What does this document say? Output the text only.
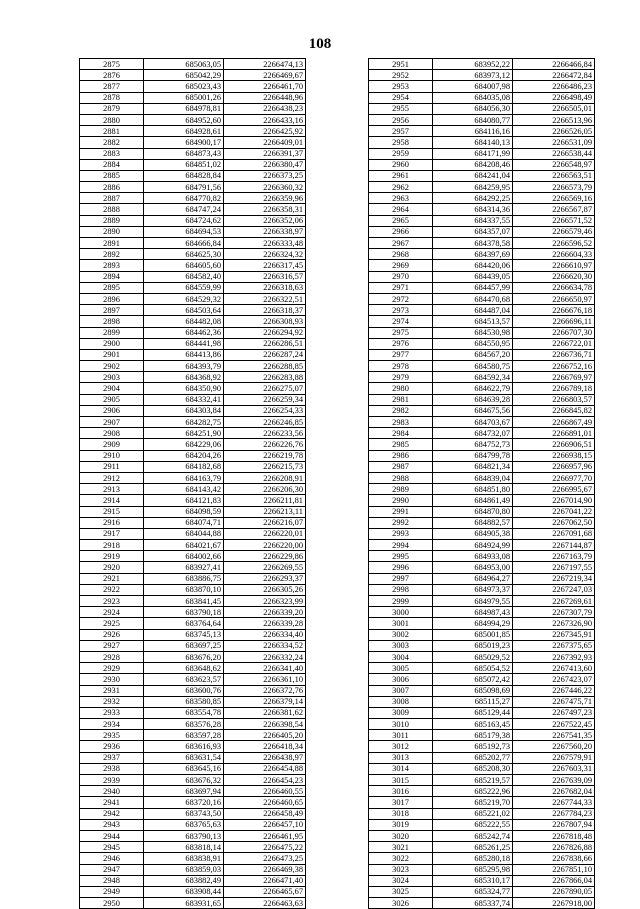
108
2875	685063,05	2266474,13
2876	685042,29	2266469,67
2877	685023,43	2266461,70
2878	685001,26	2266448,96
2879	684978,81	2266438,23
2880	684952,60	2266433,16
2881	684928,61	2266425,92
2882	684900,17	2266409,01
2883	684873,43	2266391,37
2884	684851,02	2266380,47
2885	684828,84	2266373,25
2886	684791,56	2266360,32
2887	684770,82	2266359,96
2888	684747,24	2266358,31
2889	684724,62	2266352,06
2890	684694,53	2266338,97
2891	684666,84	2266333,48
2892	684625,30	2266324,32
2893	684605,60	2266317,45
2894	684582,40	2266316,57
2895	684559,99	2266318,63
2896	684529,32	2266322,51
2897	684503,64	2266318,37
2898	684482,08	2266308,93
2899	684462,36	2266294,92
2900	684441,98	2266286,51
2901	684413,86	2266287,24
2902	684393,79	2266288,85
2903	684368,92	2266283,88
2904	684350,90	2266275,07
2905	684332,41	2266259,34
2906	684303,84	2266254,33
2907	684282,75	2266246,85
2908	684251,90	2266233,56
2909	684229,06	2266226,76
2910	684204,26	2266219,78
2911	684182,68	2266215,73
2912	684163,79	2266208,91
2913	684143,42	2266206,30
2914	684121,83	2266211,81
2915	684098,59	2266213,11
2916	684074,71	2266216,07
2917	684044,88	2266220,01
2918	684021,67	2266220,00
2919	684002,66	2266229,86
2920	683927,41	2266269,55
2921	683886,75	2266293,37
2922	683870,10	2266305,26
2923	683841,45	2266323,99
2924	683790,18	2266339,20
2925	683764,64	2266339,28
2926	683745,13	2266334,40
2927	683697,25	2266334,52
2928	683676,20	2266332,24
2929	683648,62	2266341,40
2930	683623,57	2266361,10
2931	683600,76	2266372,76
2932	683580,85	2266379,14
2933	683554,78	2266381,62
2934	683576,28	2266398,54
2935	683597,28	2266405,20
2936	683616,93	2266418,34
2937	683631,54	2266438,97
2938	683645,16	2266454,88
2939	683676,32	2266454,23
2940	683697,94	2266460,55
2941	683720,16	2266460,65
2942	683743,50	2266458,49
2943	683765,63	2266457,10
2944	683790,13	2266461,95
2945	683818,14	2266475,22
2946	683838,91	2266473,25
2947	683859,03	2266469,38
2948	683882,49	2266471,40
2949	683908,44	2266465,67
2950	683931,65	2266463,63
2951	683952,22	2266466,84
2952	683973,12	2266472,84
2953	684007,98	2266486,23
2954	684035,08	2266498,49
2955	684056,30	2266505,01
2956	684080,77	2266513,96
2957	684116,16	2266526,05
2958	684140,13	2266531,09
2959	684171,99	2266538,44
2960	684208,46	2266548,97
2961	684241,04	2266563,51
2962	684259,95	2266573,79
2963	684292,25	2266569,16
2964	684314,36	2266567,87
2965	684337,55	2266571,52
2966	684357,07	2266579,46
2967	684378,58	2266596,52
2968	684397,69	2266604,33
2969	684420,06	2266610,97
2970	684439,05	2266620,30
2971	684457,99	2266634,78
2972	684470,68	2266650,97
2973	684487,04	2266676,18
2974	684513,57	2266696,11
2975	684530,98	2266707,30
2976	684550,95	2266722,01
2977	684567,20	2266736,71
2978	684580,75	2266752,16
2979	684592,34	2266769,97
2980	684622,79	2266789,18
2981	684639,28	2266803,57
2982	684675,56	2266845,82
2983	684703,67	2266867,49
2984	684732,07	2266891,01
2985	684752,73	2266906,51
2986	684799,78	2266938,15
2987	684821,34	2266957,96
2988	684839,04	2266977,70
2989	684851,80	2266995,67
2990	684861,49	2267014,90
2991	684870,80	2267041,22
2992	684882,57	2267062,50
2993	684905,38	2267091,68
2994	684924,99	2267144,87
2995	684933,08	2267163,79
2996	684953,00	2267197,55
2997	684964,27	2267219,34
2998	684973,37	2267247,03
2999	684979,55	2267269,61
3000	684987,43	2267307,79
3001	684994,29	2267326,90
3002	685001,85	2267345,91
3003	685019,23	2267375,65
3004	685029,52	2267392,93
3005	685054,52	2267413,60
3006	685072,42	2267423,07
3007	685098,69	2267446,22
3008	685115,27	2267475,71
3009	685129,44	2267497,23
3010	685163,45	2267522,45
3011	685179,38	2267541,35
3012	685192,73	2267560,20
3013	685202,77	2267579,91
3014	685208,30	2267603,31
3015	685219,57	2267639,09
3016	685222,96	2267682,04
3017	685219,70	2267744,33
3018	685221,02	2267784,23
3019	685222,55	2267807,94
3020	685242,74	2267818,48
3021	685261,25	2267826,88
3022	685280,18	2267838,66
3023	685295,98	2267851,10
3024	685310,17	2267866,04
3025	685324,77	2267890,05
3026	685337,74	2267918,00
